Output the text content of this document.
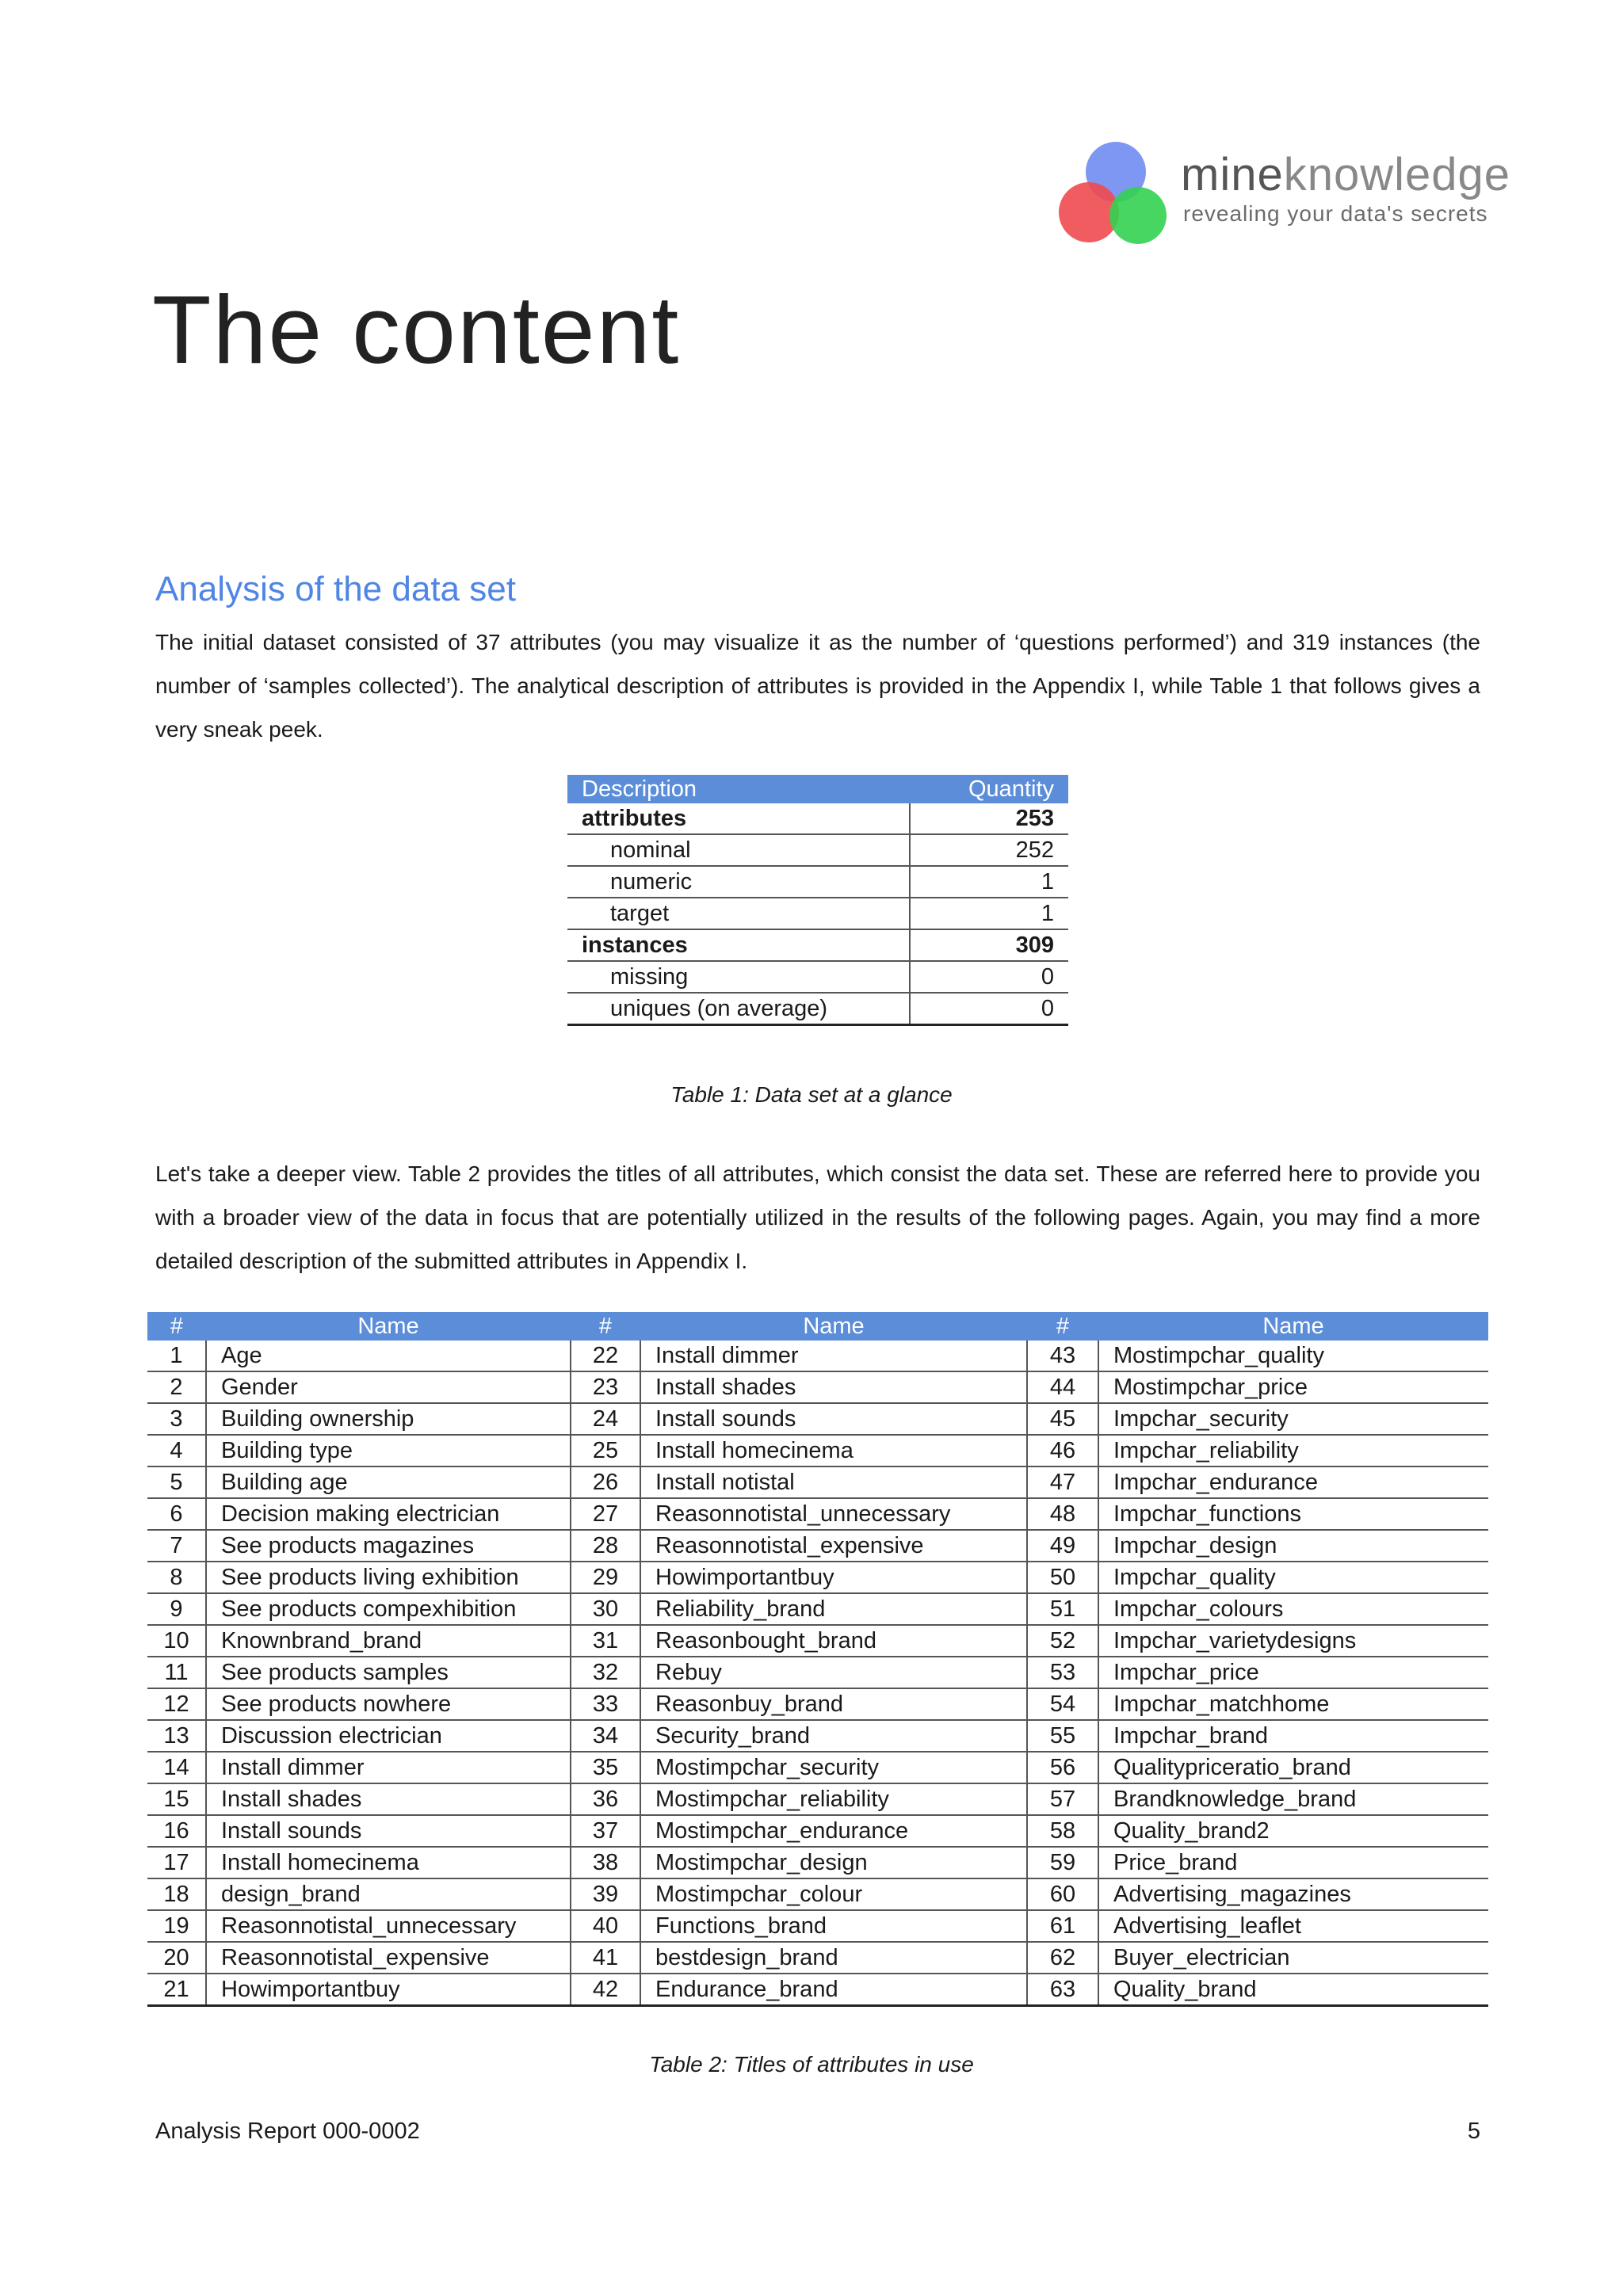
mineknowledge
revealing your data's secrets
The content
Analysis of the data set
The initial dataset consisted of 37 attributes (you may visualize it as the number of ‘questions performed’) and 319 instances (the number of ‘samples collected’). The analytical description of attributes is provided in the Appendix I, while Table 1 that follows gives a very sneak peek.
Description	Quantity
attributes	253
nominal	252
numeric	1
target	1
instances	309
missing	0
uniques (on average)	0
Table 1: Data set at a glance
Let's take a deeper view. Table 2 provides the titles of all attributes, which consist the data set. These are referred here to provide you with a broader view of the data in focus that are potentially utilized in the results of the following pages. Again, you may find a more detailed description of the submitted attributes in Appendix I.
#	Name	#	Name	#	Name
1	Age	22	Install dimmer	43	Mostimpchar_quality
2	Gender	23	Install shades	44	Mostimpchar_price
3	Building ownership	24	Install sounds	45	Impchar_security
4	Building type	25	Install homecinema	46	Impchar_reliability
5	Building age	26	Install notistal	47	Impchar_endurance
6	Decision making electrician	27	Reasonnotistal_unnecessary	48	Impchar_functions
7	See products magazines	28	Reasonnotistal_expensive	49	Impchar_design
8	See products living exhibition	29	Howimportantbuy	50	Impchar_quality
9	See products compexhibition	30	Reliability_brand	51	Impchar_colours
10	Knownbrand_brand	31	Reasonbought_brand	52	Impchar_varietydesigns
11	See products samples	32	Rebuy	53	Impchar_price
12	See products nowhere	33	Reasonbuy_brand	54	Impchar_matchhome
13	Discussion electrician	34	Security_brand	55	Impchar_brand
14	Install dimmer	35	Mostimpchar_security	56	Qualitypriceratio_brand
15	Install shades	36	Mostimpchar_reliability	57	Brandknowledge_brand
16	Install sounds	37	Mostimpchar_endurance	58	Quality_brand2
17	Install homecinema	38	Mostimpchar_design	59	Price_brand
18	design_brand	39	Mostimpchar_colour	60	Advertising_magazines
19	Reasonnotistal_unnecessary	40	Functions_brand	61	Advertising_leaflet
20	Reasonnotistal_expensive	41	bestdesign_brand	62	Buyer_electrician
21	Howimportantbuy	42	Endurance_brand	63	Quality_brand
Table 2: Titles of attributes in use
Analysis Report 000-0002	5
